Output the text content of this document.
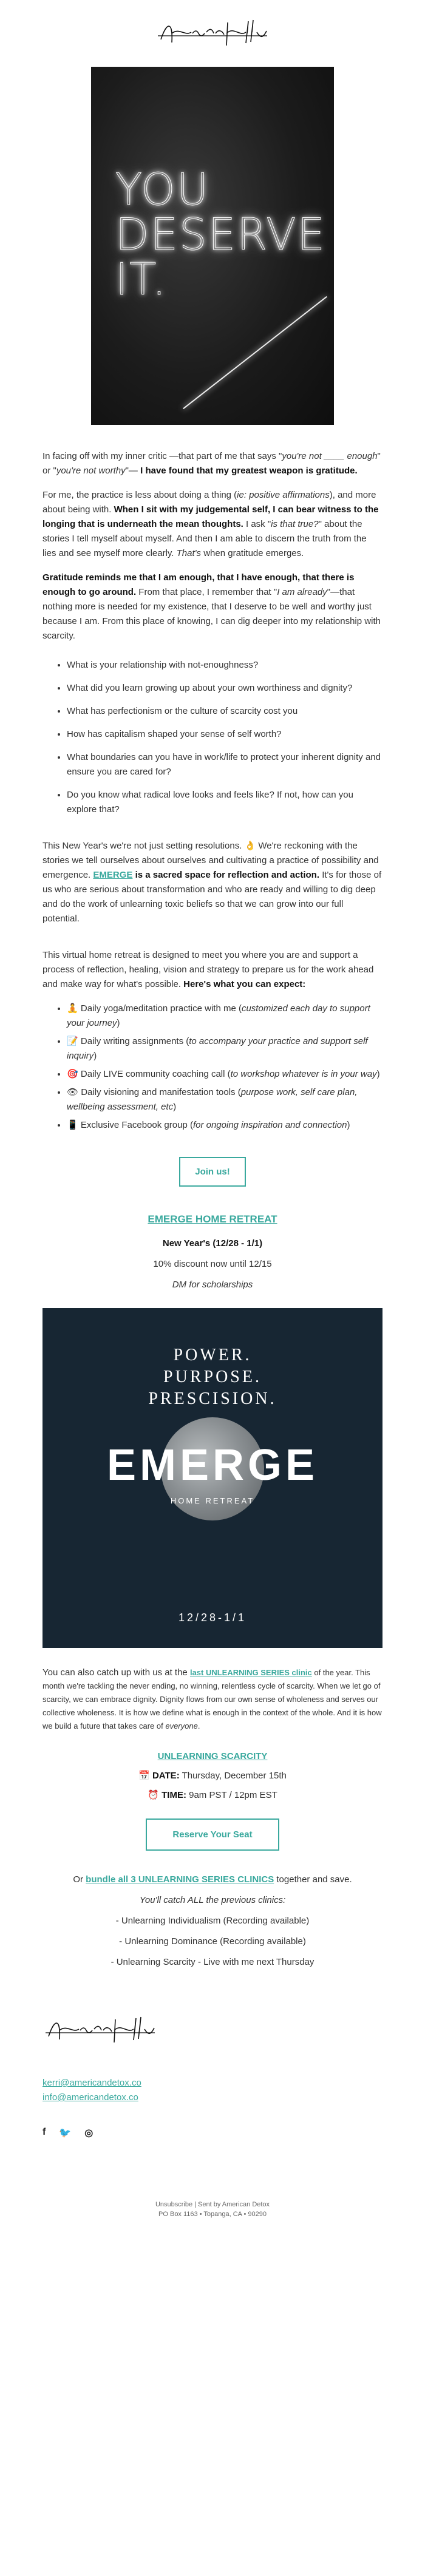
YOU
DESERVE
IT.

In facing off with my inner critic —that part of me that says "you're not ____ enough" or "you're not worthy"— I have found that my greatest weapon is gratitude.

For me, the practice is less about doing a thing (ie: positive affirmations), and more about being with. When I sit with my judgemental self, I can bear witness to the longing that is underneath the mean thoughts. I ask "is that true?" about the stories I tell myself about myself. And then I am able to discern the truth from the lies and see myself more clearly. That's when gratitude emerges.

Gratitude reminds me that I am enough, that I have enough, that there is enough to go around. From that place, I remember that "I am already"—that nothing more is needed for my existence, that I deserve to be well and worthy just because I am. From this place of knowing, I can dig deeper into my relationship with scarcity.

• What is your relationship with not-enoughness?
• What did you learn growing up about your own worthiness and dignity?
• What has perfectionism or the culture of scarcity cost you
• How has capitalism shaped your sense of self worth?
• What boundaries can you have in work/life to protect your inherent dignity and ensure you are cared for?
• Do you know what radical love looks and feels like? If not, how can you explore that?

This New Year's we're not just setting resolutions. 👌 We're reckoning with the stories we tell ourselves about ourselves and cultivating a practice of possibility and emergence. EMERGE is a sacred space for reflection and action. It's for those of us who are serious about transformation and who are ready and willing to dig deep and do the work of unlearning toxic beliefs so that we can grow into our full potential.

This virtual home retreat is designed to meet you where you are and support a process of reflection, healing, vision and strategy to prepare us for the work ahead and make way for what's possible. Here's what you can expect:

• 🧘 Daily yoga/meditation practice with me (customized each day to support your journey)
• 📝 Daily writing assignments (to accompany your practice and support self inquiry)
• 🎯 Daily LIVE community coaching call (to workshop whatever is in your way)
• 👁 Daily visioning and manifestation tools (purpose work, self care plan, wellbeing assessment, etc)
• 📱 Exclusive Facebook group (for ongoing inspiration and connection)
Join us!
EMERGE HOME RETREAT

New Year's (12/28 - 1/1)

10% discount now until 12/15

DM for scholarships

POWER.
PURPOSE.
PRESCISION.
EMERGE
HOME RETREAT
12/28-1/1

You can also catch up with us at the last UNLEARNING SERIES clinic of the year. This month we're tackling the never ending, no winning, relentless cycle of scarcity. When we let go of scarcity, we can embrace dignity. Dignity flows from our own sense of wholeness and serves our collective wholeness. It is how we define what is enough in the context of the whole. And it is how we build a future that takes care of everyone.

UNLEARNING SCARCITY

📅 DATE: Thursday, December 15th

⏰ TIME: 9am PST / 12pm EST

Reserve Your Seat

Or bundle all 3 UNLEARNING SERIES CLINICS together and save.

You'll catch ALL the previous clinics:

- Unlearning Individualism (Recording available)

- Unlearning Dominance (Recording available)

- Unlearning Scarcity - Live with me next Thursday

kerri@americandetox.co
info@americandetox.co
f 🐦 ◎
Unsubscribe | Sent by American Detox
PO Box 1163 • Topanga, CA • 90290
